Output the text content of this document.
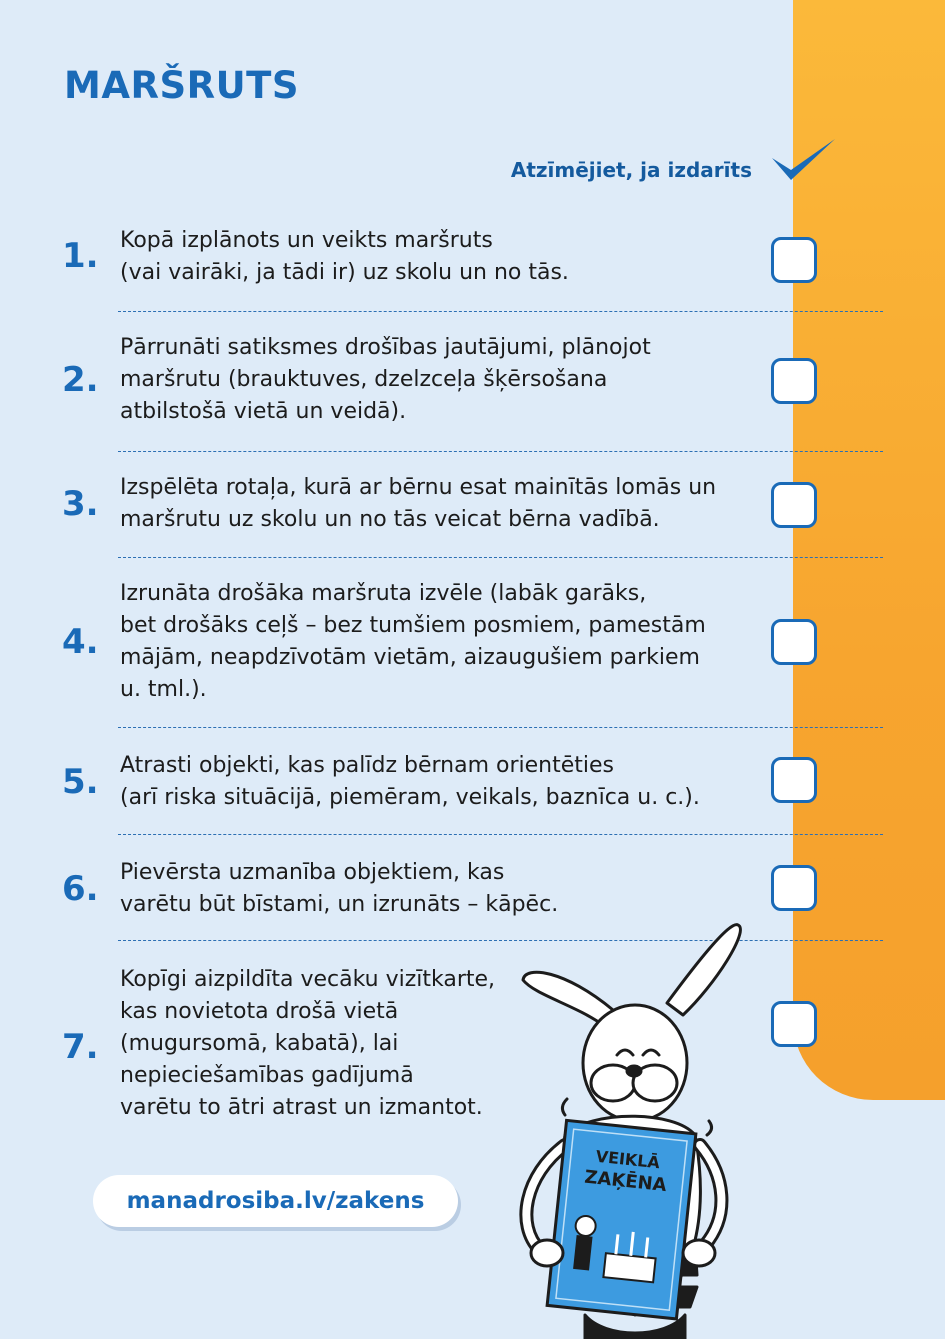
MARŠRUTS

Atzīmējiet, ja izdarīts

1. Kopā izplānots un veikts maršruts
(vai vairāki, ja tādi ir) uz skolu un no tās.

2.

Pārrunāti satiksmes drošības jautājumi, plānojot
maršrutu (brauktuves, dzelzceļa šķērsošana
atbilstošā vietā un veidā).

3. Izspēlēta rotaļa, kurā ar bērnu esat mainītās lomās un
maršrutu uz skolu un no tās veicat bērna vadībā.

4.

Izrunāta drošāka maršruta izvēle (labāk garāks,
bet drošāks ceļš – bez tumšiem posmiem, pamestām
mājām, neapdzīvotām vietām, aizaugušiem parkiem
u. tml.).

5. Atrasti objekti, kas palīdz bērnam orientēties
(arī riska situācijā, piemēram, veikals, baznīca u. c.).

6. Pievērsta uzmanība objektiem, kas
varētu būt bīstami, un izrunāts – kāpēc.

7.

Kopīgi aizpildīta vecāku vizītkarte,
kas novietota drošā vietā
(mugursomā, kabatā), lai
nepieciešamības gadījumā
varētu to ātri atrast un izmantot.

manadrosiba.lv/zakens
VEIKLĀ
ZAĶĒNA
